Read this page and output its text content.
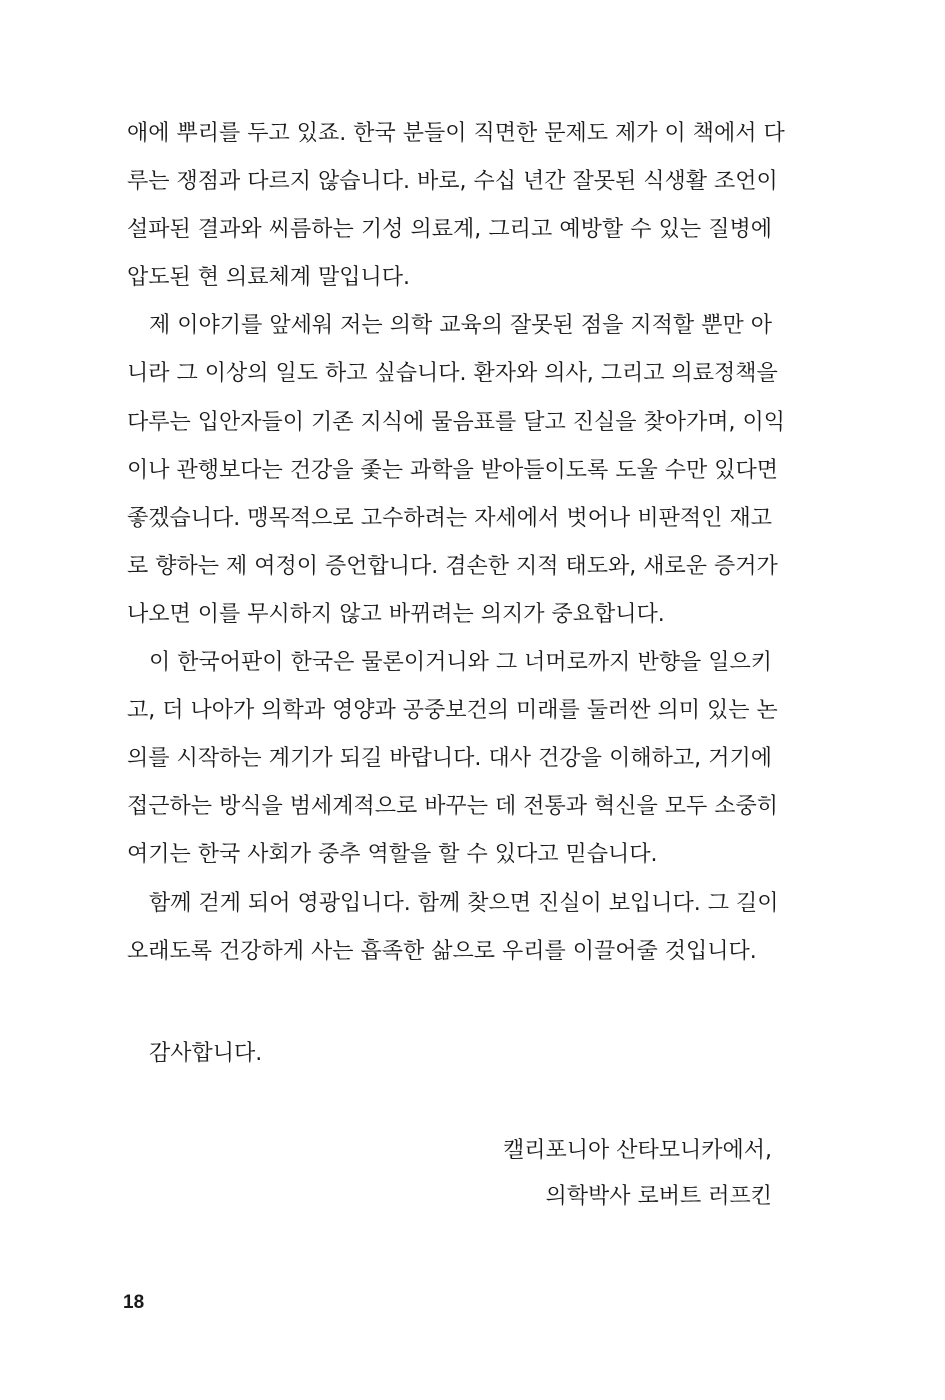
애에 뿌리를 두고 있죠. 한국 분들이 직면한 문제도 제가 이 책에서 다
루는 쟁점과 다르지 않습니다. 바로, 수십 년간 잘못된 식생활 조언이
설파된 결과와 씨름하는 기성 의료계, 그리고 예방할 수 있는 질병에
압도된 현 의료체계 말입니다.
제 이야기를 앞세워 저는 의학 교육의 잘못된 점을 지적할 뿐만 아
니라 그 이상의 일도 하고 싶습니다. 환자와 의사, 그리고 의료정책을
다루는 입안자들이 기존 지식에 물음표를 달고 진실을 찾아가며, 이익
이나 관행보다는 건강을 좇는 과학을 받아들이도록 도울 수만 있다면
좋겠습니다. 맹목적으로 고수하려는 자세에서 벗어나 비판적인 재고
로 향하는 제 여정이 증언합니다. 겸손한 지적 태도와, 새로운 증거가
나오면 이를 무시하지 않고 바뀌려는 의지가 중요합니다.
이 한국어판이 한국은 물론이거니와 그 너머로까지 반향을 일으키
고, 더 나아가 의학과 영양과 공중보건의 미래를 둘러싼 의미 있는 논
의를 시작하는 계기가 되길 바랍니다. 대사 건강을 이해하고, 거기에
접근하는 방식을 범세계적으로 바꾸는 데 전통과 혁신을 모두 소중히
여기는 한국 사회가 중추 역할을 할 수 있다고 믿습니다.
함께 걷게 되어 영광입니다. 함께 찾으면 진실이 보입니다. 그 길이
오래도록 건강하게 사는 흡족한 삶으로 우리를 이끌어줄 것입니다.
감사합니다.
캘리포니아 산타모니카에서,
의학박사 로버트 러프킨
18
